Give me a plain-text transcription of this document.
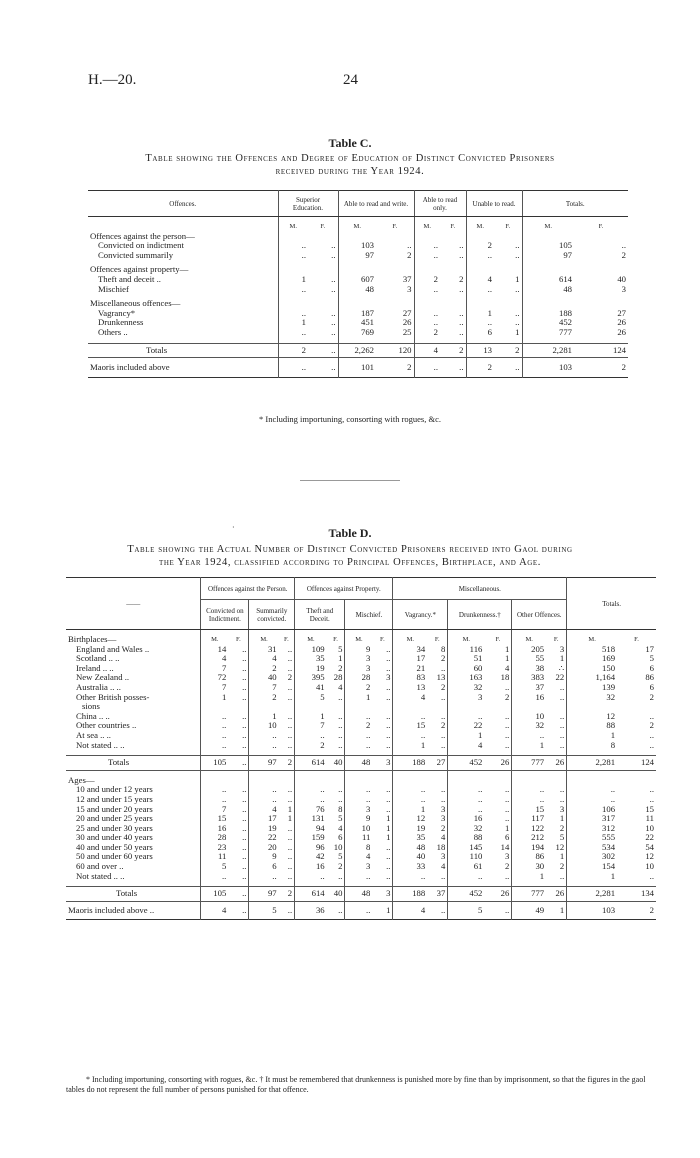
H.—20.	24
Table C.
Table showing the Offences and Degree of Education of Distinct Convicted Prisoners
received during the Year 1924.
Offences.	Superior Education.		Able to read and write.		Able to read only.		Unable to read.		Totals.	

	M.	F.	M.	F.	M.	F.	M.	F.	M.	F.
Offences against the person—										
Convicted on indictment	..	..	103	..	..	..	2	..	105	..
Convicted summarily	..	..	97	2	..	..	..	..	97	2

Offences against property—										
Theft and deceit ..	1	..	607	37	2	2	4	1	614	40
Mischief	..	..	48	3	..	..	..	..	48	3

Miscellaneous offences—										
Vagrancy*	..	..	187	27	..	..	1	..	188	27
Drunkenness	1	..	451	26	..	..	..	..	452	26
Others ..	..	..	769	25	2	..	6	1	777	26

Totals	2	..	2,262	120	4	2	13	2	2,281	124
Maoris included above	..	..	101	2	..	..	2	..	103	2
* Including importuning, consorting with rogues, &c.
·	Table D.
Table showing the Actual Number of Distinct Convicted Prisoners received into Gaol during
the Year 1924, classified according to Principal Offences, Birthplace, and Age.
——	Offences against the Person.				Offences against Property.				Miscellaneous.						Totals.	
	Convicted on Indictment.		Summarily convicted.		Theft and Deceit.		Mischief.		Vagrancy.*		Drunkenness.†		Other Offences.			

Birthplaces—	M.	F.	M.	F.	M.	F.	M.	F.	M.	F.	M.	F.	M.	F.	M.	F.
England and Wales ..	14	..	31	..	109	5	9	..	34	8	116	1	205	3	518	17
Scotland .. ..	4	..	4	..	35	1	3	..	17	2	51	1	55	1	169	5
Ireland .. ..	7	..	2	..	19	2	3	..	21	..	60	4	38	∴	150	6
New Zealand ..	72	..	40	2	395	28	28	3	83	13	163	18	383	22	1,164	86
Australia .. ..	7	..	7	..	41	4	2	..	13	2	32	..	37	..	139	6
Other British posses-	1	..	2	..	5	..	1	..	4	..	3	2	16	..	32	2
sions																
China .. ..	..	..	1	..	1	..	..	..	..	..	..	..	10	..	12	..
Other countries ..	..	..	10	..	7	..	2	..	15	2	22	..	32	..	88	2
At sea .. ..	..	..	..	..	..	..	..	..	..	..	1	..	..	..	1	..
Not stated .. ..	..	..	..	..	2	..	..	..	1	..	4	..	1	..	8	..

Totals	105	..	97	2	614	40	48	3	188	27	452	26	777	26	2,281	124

Ages—																
10 and under 12 years	..	..	..	..	..	..	..	..	..	..	..	..	..	..	..	..
12 and under 15 years	..	..	..	..	..	..	..	..	..	..	..	..	..	..	..	..
15 and under 20 years	7	..	4	1	76	8	3	..	1	3	..	..	15	3	106	15
20 and under 25 years	15	..	17	1	131	5	9	1	12	3	16	..	117	1	317	11
25 and under 30 years	16	..	19	..	94	4	10	1	19	2	32	1	122	2	312	10
30 and under 40 years	28	..	22	..	159	6	11	1	35	4	88	6	212	5	555	22
40 and under 50 years	23	..	20	..	96	10	8	..	48	18	145	14	194	12	534	54
50 and under 60 years	11	..	9	..	42	5	4	..	40	3	110	3	86	1	302	12
60 and over ..	5	..	6	..	16	2	3	..	33	4	61	2	30	2	154	10
Not stated .. ..	..	..	..	..	..	..	..	..	..	..	..	..	1	..	1	..

Totals	105	..	97	2	614	40	48	3	188	37	452	26	777	26	2,281	134
Maoris included above ..	4	..	5	..	36	..	..	1	4	..	5	..	49	1	103	2
* Including importuning, consorting with rogues, &c. † It must be remembered that drunkenness is punished more by fine than by imprisonment, so that the figures in the gaol tables do not represent the full number of persons punished for that offence.
